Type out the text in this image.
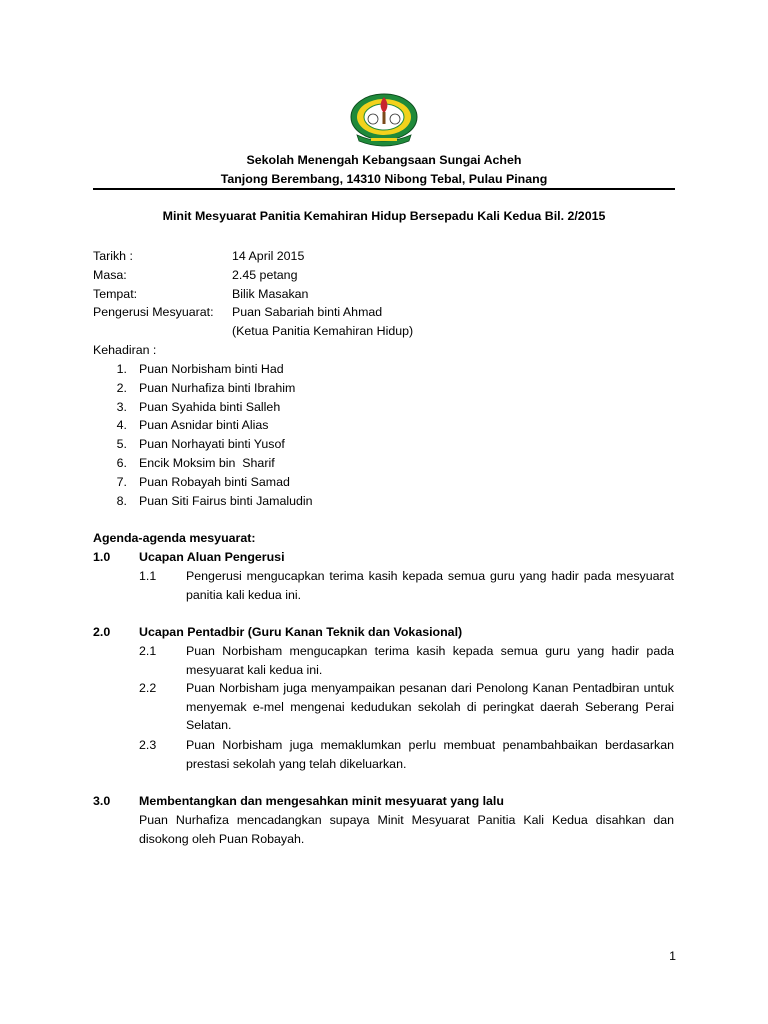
Sekolah Menengah Kebangsaan Sungai Acheh
Tanjong Berembang, 14310 Nibong Tebal, Pulau Pinang
Minit Mesyuarat Panitia Kemahiran Hidup Bersepadu Kali Kedua Bil. 2/2015
Tarikh :	14 April 2015
Masa:	2.45 petang
Tempat:	Bilik Masakan
Pengerusi Mesyuarat: Puan Sabariah binti Ahmad
(Ketua Panitia Kemahiran Hidup)
Kehadiran :
1. Puan Norbisham binti Had
2. Puan Nurhafiza binti Ibrahim
3. Puan Syahida binti Salleh
4. Puan Asnidar binti Alias
5. Puan Norhayati binti Yusof
6. Encik Moksim bin  Sharif
7. Puan Robayah binti Samad
8. Puan Siti Fairus binti Jamaludin
Agenda-agenda mesyuarat:
1.0 Ucapan Aluan Pengerusi
1.1 Pengerusi mengucapkan terima kasih kepada semua guru yang hadir pada mesyuarat panitia kali kedua ini.
2.0 Ucapan Pentadbir (Guru Kanan Teknik dan Vokasional)
2.1 Puan Norbisham mengucapkan terima kasih kepada semua guru yang hadir pada mesyuarat kali kedua ini.
2.2 Puan Norbisham juga menyampaikan pesanan dari Penolong Kanan Pentadbiran untuk menyemak e-mel mengenai kedudukan sekolah di peringkat daerah Seberang Perai Selatan.
2.3 Puan Norbisham juga memaklumkan perlu membuat penambahbaikan berdasarkan prestasi sekolah yang telah dikeluarkan.
3.0 Membentangkan dan mengesahkan minit mesyuarat yang lalu
Puan Nurhafiza mencadangkan supaya Minit Mesyuarat Panitia Kali Kedua disahkan dan disokong oleh Puan Robayah.
1
